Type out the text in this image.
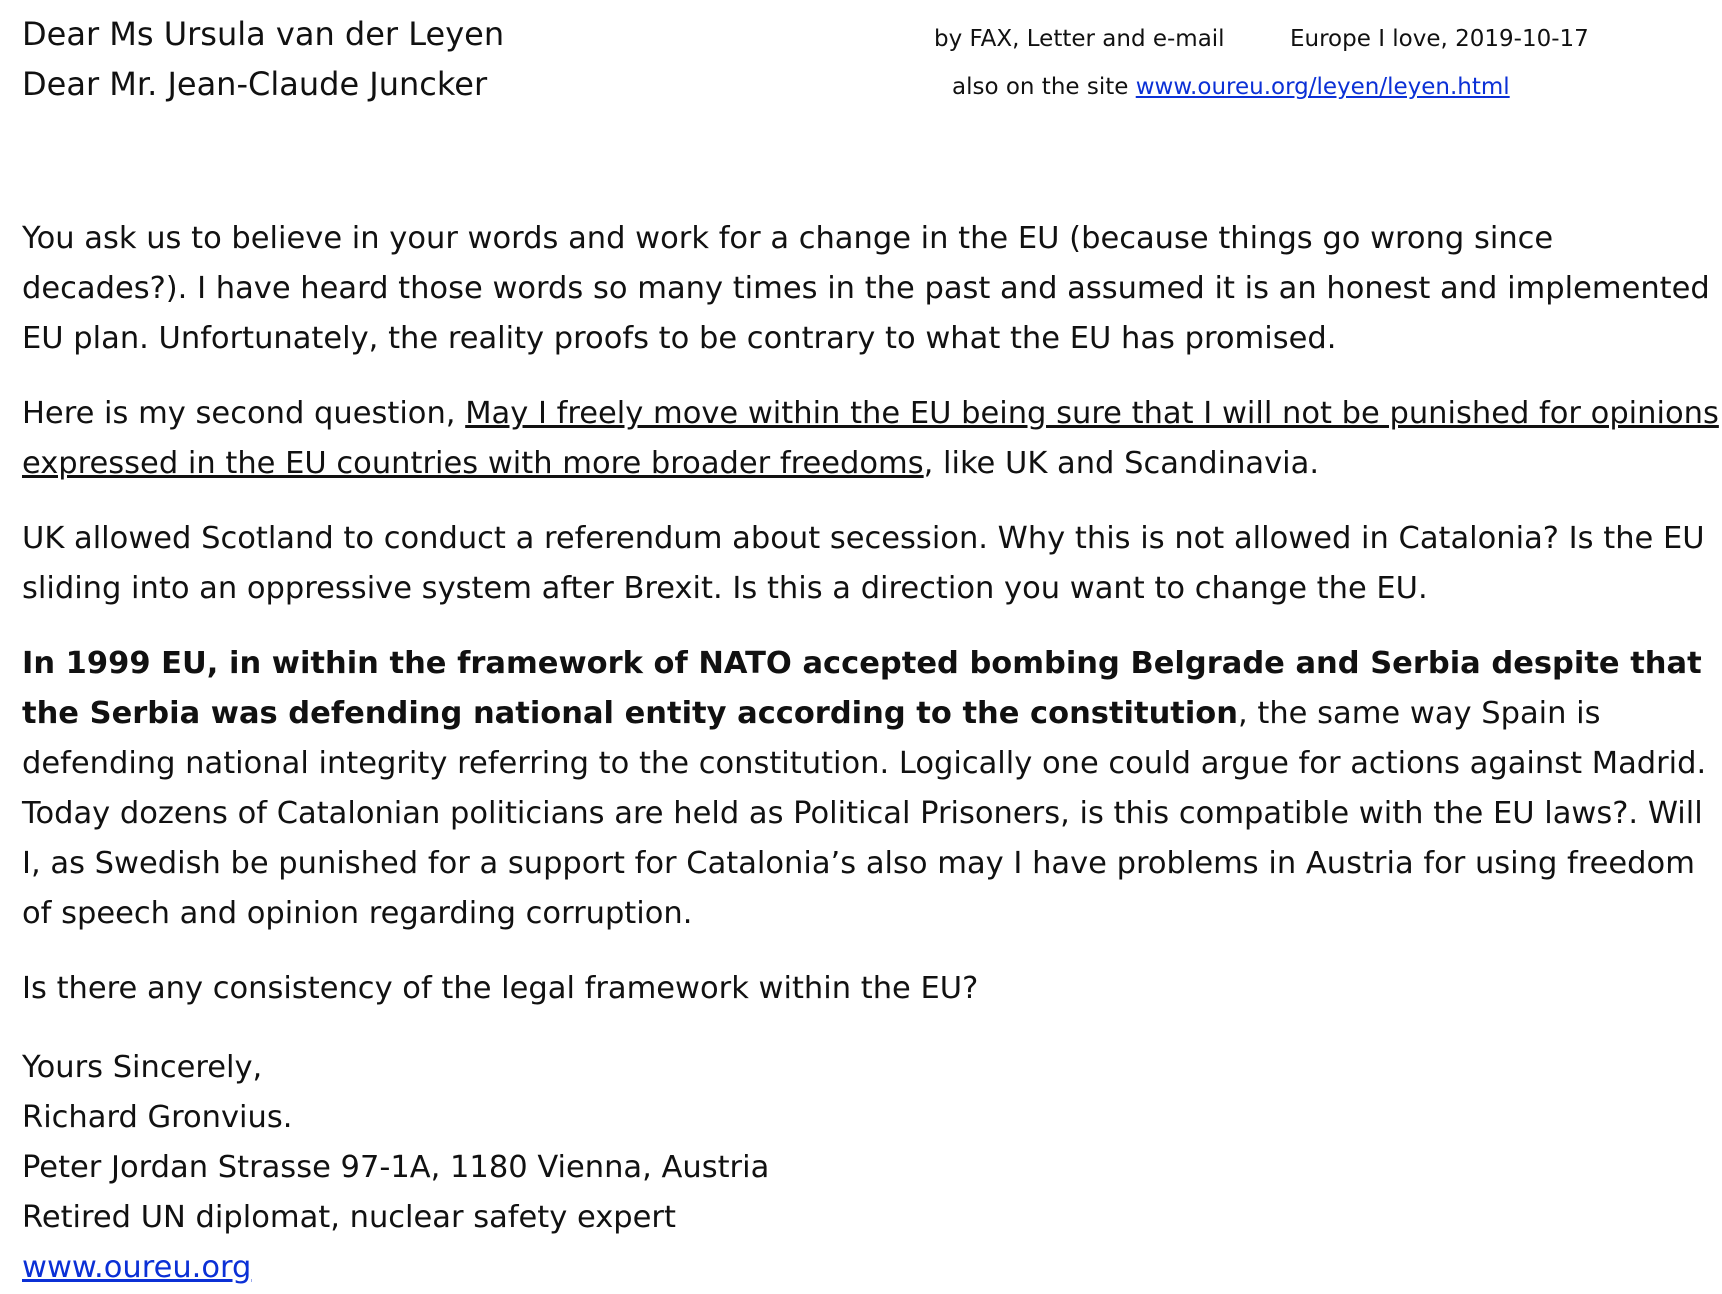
Dear Ms Ursula van der Leyen
Dear Mr. Jean-Claude Juncker
by FAX, Letter and e-mail	Europe I love, 2019-10-17
also on the site www.oureu.org/leyen/leyen.html

You ask us to believe in your words and work for a change in the EU (because things go wrong since decades?). I have heard those words so many times in the past and assumed it is an honest and implemented EU plan. Unfortunately, the reality proofs to be contrary to what the EU has promised.

Here is my second question, May I freely move within the EU being sure that I will not be punished for opinions expressed in the EU countries with more broader freedoms, like UK and Scandinavia.

UK allowed Scotland to conduct a referendum about secession. Why this is not allowed in Catalonia? Is the EU sliding into an oppressive system after Brexit. Is this a direction you want to change the EU.

In 1999 EU, in within the framework of NATO accepted bombing Belgrade and Serbia despite that the Serbia was defending national entity according to the constitution, the same way Spain is defending national integrity referring to the constitution. Logically one could argue for actions against Madrid. Today dozens of Catalonian politicians are held as Political Prisoners, is this compatible with the EU laws?. Will I, as Swedish be punished for a support for Catalonia’s also may I have problems in Austria for using freedom of speech and opinion regarding corruption.

Is there any consistency of the legal framework within the EU?

Yours Sincerely,
Richard Gronvius.
Peter Jordan Strasse 97-1A, 1180 Vienna, Austria
Retired UN diplomat, nuclear safety expert
www.oureu.org
